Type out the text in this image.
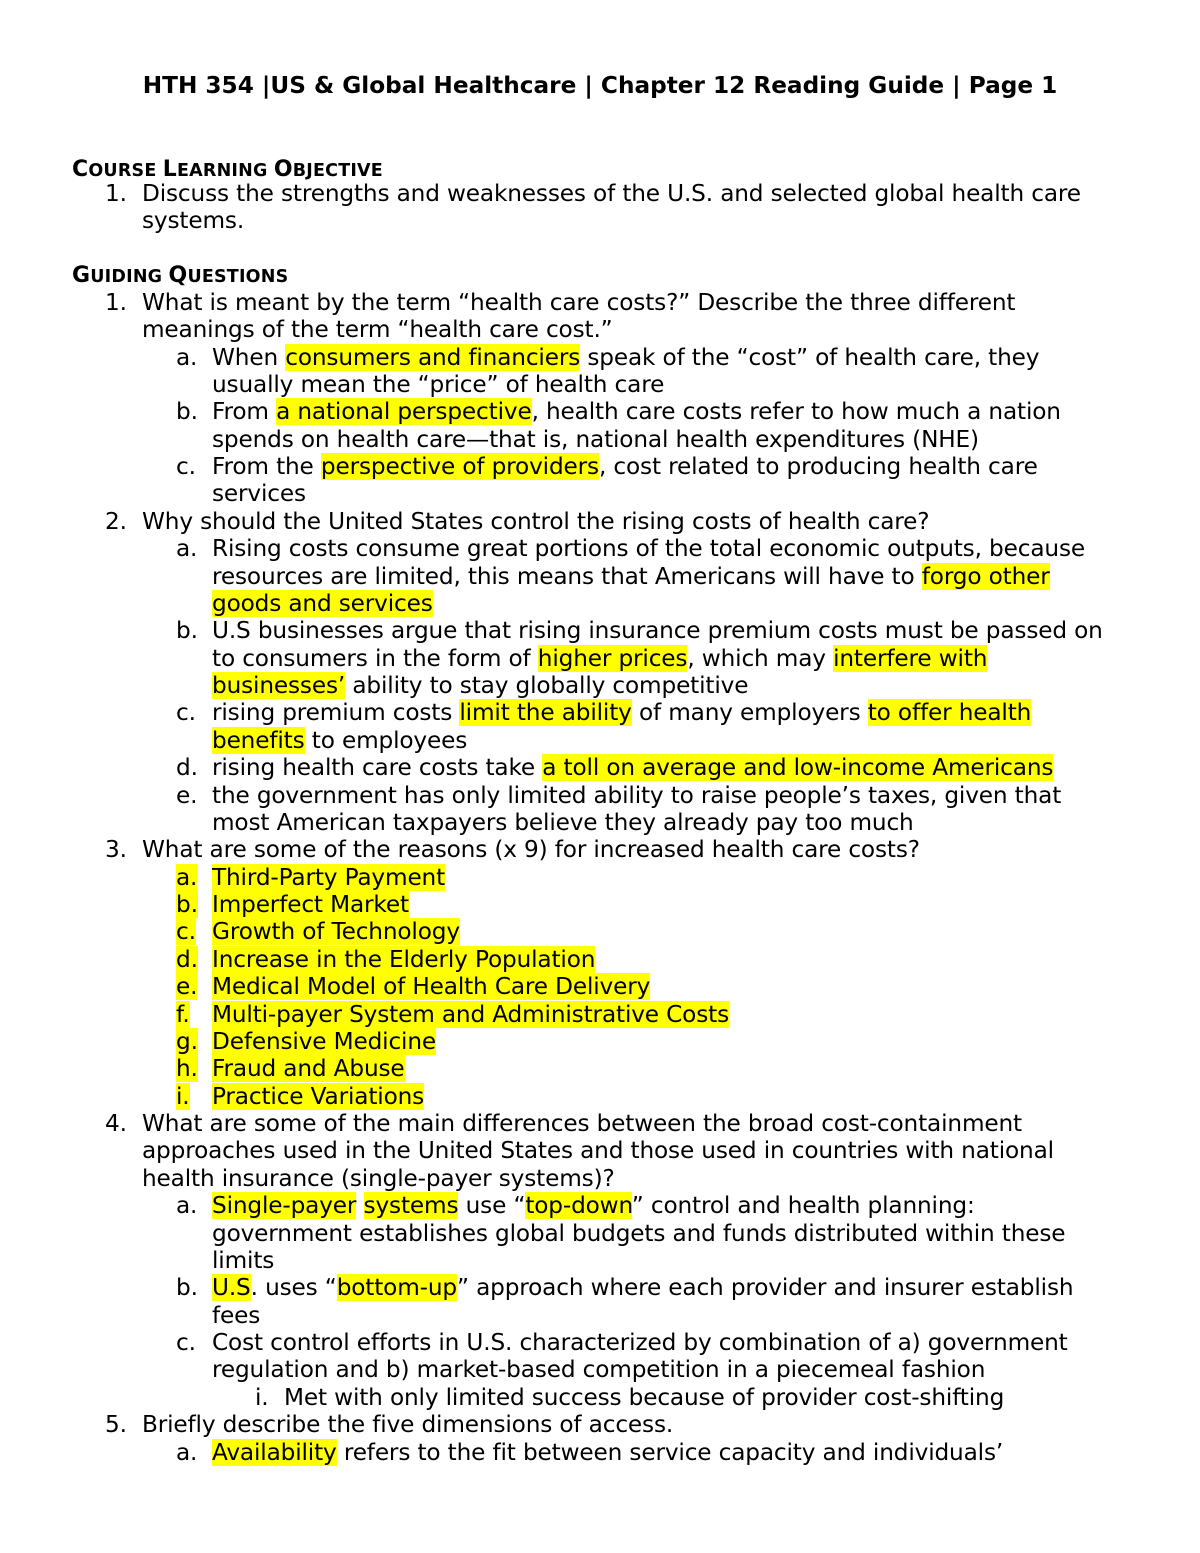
HTH 354 |US & Global Healthcare | Chapter 12 Reading Guide | Page 1
COURSE LEARNING OBJECTIVE
1. Discuss the strengths and weaknesses of the U.S. and selected global health care
systems.
GUIDING QUESTIONS
1. What is meant by the term “health care costs?” Describe the three different
meanings of the term “health care cost.”
a. When consumers and financiers speak of the “cost” of health care, they
usually mean the “price” of health care
b. From a national perspective, health care costs refer to how much a nation
spends on health care—that is, national health expenditures (NHE)
c. From the perspective of providers, cost related to producing health care
services
2. Why should the United States control the rising costs of health care?
a. Rising costs consume great portions of the total economic outputs, because
resources are limited, this means that Americans will have to forgo other
goods and services
b. U.S businesses argue that rising insurance premium costs must be passed on
to consumers in the form of higher prices, which may interfere with
businesses’ ability to stay globally competitive
c. rising premium costs limit the ability of many employers to offer health
benefits to employees
d. rising health care costs take a toll on average and low-income Americans
e. the government has only limited ability to raise people’s taxes, given that
most American taxpayers believe they already pay too much
3. What are some of the reasons (x 9) for increased health care costs?
a. Third-Party Payment
b. Imperfect Market
c. Growth of Technology
d. Increase in the Elderly Population
e. Medical Model of Health Care Delivery
f. Multi-payer System and Administrative Costs
g. Defensive Medicine
h. Fraud and Abuse
i. Practice Variations
4. What are some of the main differences between the broad cost-containment
approaches used in the United States and those used in countries with national
health insurance (single-payer systems)?
a. Single-payer systems use “top-down” control and health planning:
government establishes global budgets and funds distributed within these
limits
b. U.S. uses “bottom-up” approach where each provider and insurer establish
fees
c. Cost control efforts in U.S. characterized by combination of a) government
regulation and b) market-based competition in a piecemeal fashion
i. Met with only limited success because of provider cost-shifting
5. Briefly describe the five dimensions of access.
a. Availability refers to the fit between service capacity and individuals’
